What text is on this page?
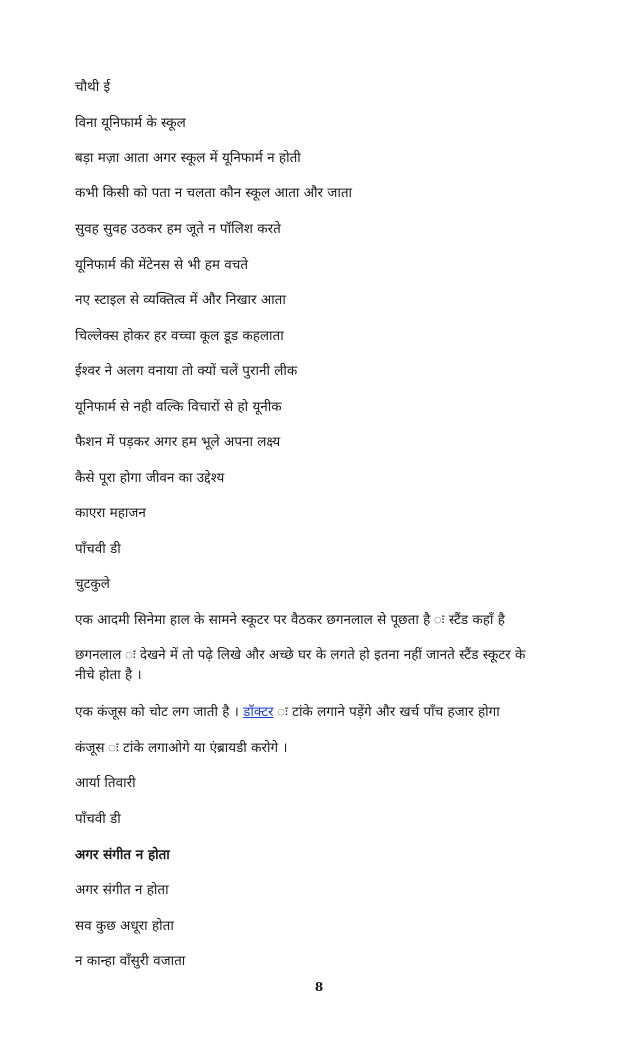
चौथी ई
विना यूनिफार्म के स्कूल
बड़ा मज़ा आता अगर स्कूल में यूनिफार्म न होती
कभी किसी को पता न चलता कौन स्कूल आता और जाता
सुवह सुवह उठकर हम जूते न पॉलिश करते
यूनिफार्म की मेंटेनस से भी हम वचते
नए स्टाइल से व्यक्तित्व में और निखार आता
चिल्लेक्स होकर हर वच्चा कूल डूड कहलाता
ईश्वर ने अलग वनाया तो क्यों चलें पुरानी लीक
यूनिफार्म से नही वल्कि विचारों से हो यूनीक
फैशन में पड़कर अगर हम भूले अपना लक्ष्य
कैसे पूरा होगा जीवन का उद्देश्य
काएरा महाजन
पाँचवी डी
चुटकुले
एक आदमी सिनेमा हाल के सामने स्कूटर पर वैठकर छगनलाल से पूछता है ः स्टैंड कहाँ है
छगनलाल ः देखने में तो पढ़े लिखे और अच्छे घर के लगते हो इतना नहीं जानते स्टैंड स्कूटर के नीचे होता है ।
एक कंजूस को चोट लग जाती है । डॉक्टर ः टांके लगाने पड़ेंगे और खर्च पाँच हजार होगा
कंजूस ः टांके लगाओगे या एंब्रायडी करोगे ।
आर्या तिवारी
पाँचवी डी
अगर संगीत न होता
अगर संगीत न होता
सव कुछ अधूरा होता
न कान्हा वाँसुरी वजाता
8
